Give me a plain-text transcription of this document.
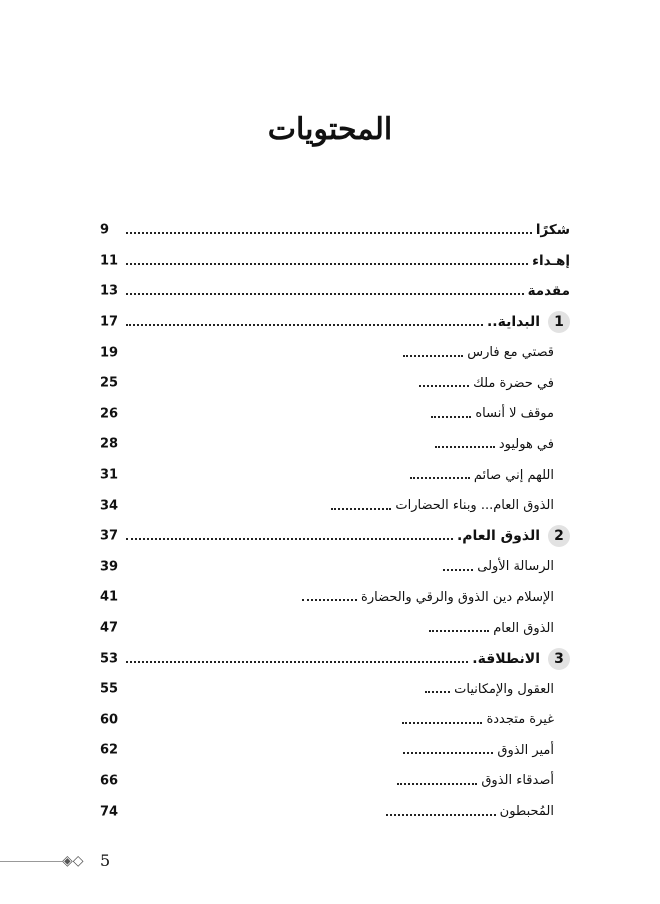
المحتويات
شكرًا
9
إهـداء
11
مقدمة
13
1
البداية..
17
قصتي مع فارس
19
في حضرة ملك
25
موقف لا أنساه
26
في هوليود
28
اللهم إني صائم
31
الذوق العام... وبناء الحضارات
34
2
الذوق العام.
37
الرسالة الأولى
39
الإسلام دين الذوق والرقي والحضارة
41
الذوق العام
47
3
الانطلاقة.
53
العقول والإمكانيات
55
غيرة متجددة
60
أمير الذوق
62
أصدقاء الذوق
66
المُحبطون
74
◈◇ 5
